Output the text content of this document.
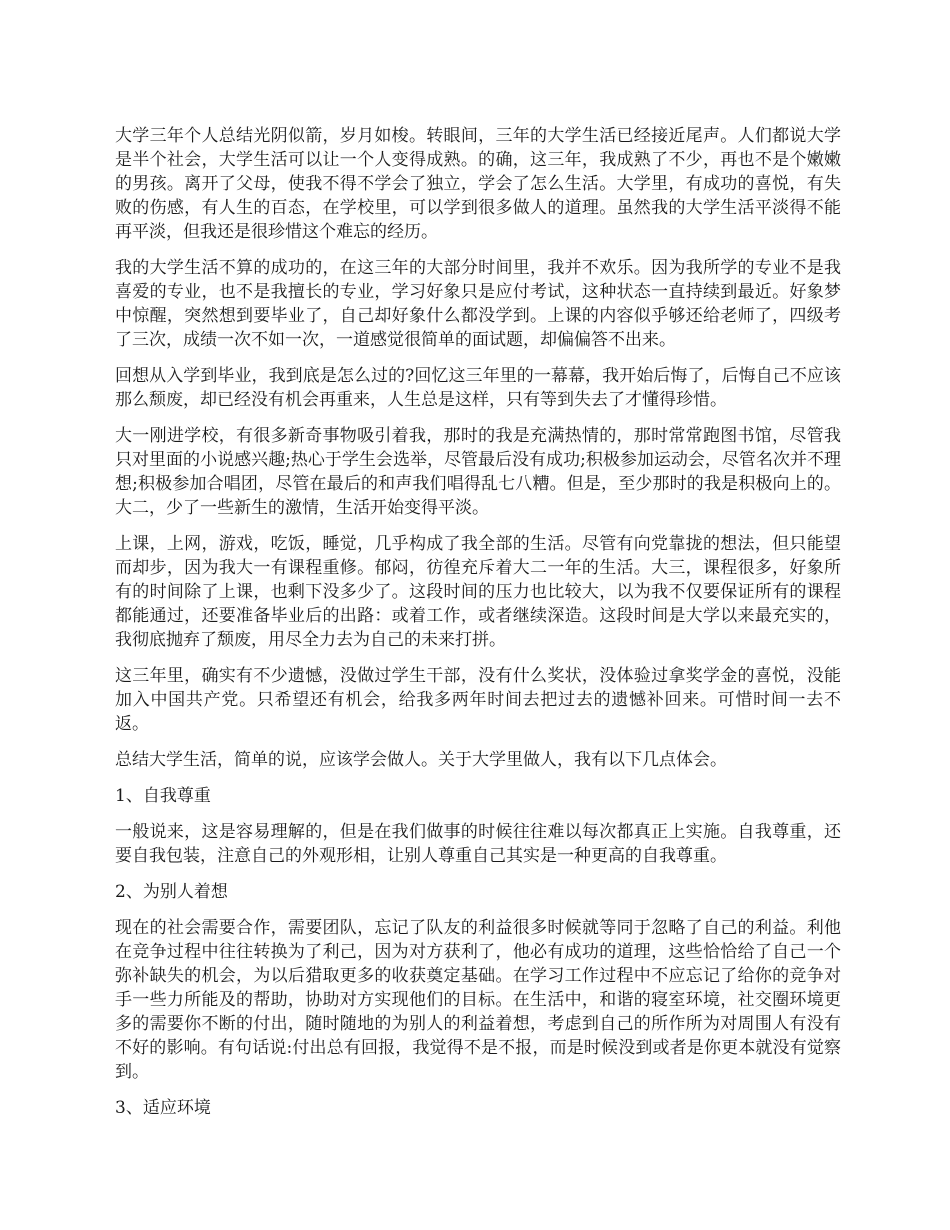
大学三年个人总结光阴似箭，岁月如梭。转眼间，三年的大学生活已经接近尾声。人们都说大学是半个社会，大学生活可以让一个人变得成熟。的确，这三年，我成熟了不少，再也不是个嫩嫩的男孩。离开了父母，使我不得不学会了独立，学会了怎么生活。大学里，有成功的喜悦，有失败的伤感，有人生的百态，在学校里，可以学到很多做人的道理。虽然我的大学生活平淡得不能再平淡，但我还是很珍惜这个难忘的经历。

我的大学生活不算的成功的，在这三年的大部分时间里，我并不欢乐。因为我所学的专业不是我喜爱的专业，也不是我擅长的专业，学习好象只是应付考试，这种状态一直持续到最近。好象梦中惊醒，突然想到要毕业了，自己却好象什么都没学到。上课的内容似乎够还给老师了，四级考了三次，成绩一次不如一次，一道感觉很简单的面试题，却偏偏答不出来。

回想从入学到毕业，我到底是怎么过的?回忆这三年里的一幕幕，我开始后悔了，后悔自己不应该那么颓废，却已经没有机会再重来，人生总是这样，只有等到失去了才懂得珍惜。

大一刚进学校，有很多新奇事物吸引着我，那时的我是充满热情的，那时常常跑图书馆，尽管我只对里面的小说感兴趣;热心于学生会选举，尽管最后没有成功;积极参加运动会，尽管名次并不理想;积极参加合唱团，尽管在最后的和声我们唱得乱七八糟。但是，至少那时的我是积极向上的。大二，少了一些新生的激情，生活开始变得平淡。

上课，上网，游戏，吃饭，睡觉，几乎构成了我全部的生活。尽管有向党靠拢的想法，但只能望而却步，因为我大一有课程重修。郁闷，彷徨充斥着大二一年的生活。大三，课程很多，好象所有的时间除了上课，也剩下没多少了。这段时间的压力也比较大，以为我不仅要保证所有的课程都能通过，还要准备毕业后的出路：或着工作，或者继续深造。这段时间是大学以来最充实的，我彻底抛弃了颓废，用尽全力去为自己的未来打拼。

这三年里，确实有不少遗憾，没做过学生干部，没有什么奖状，没体验过拿奖学金的喜悦，没能加入中国共产党。只希望还有机会，给我多两年时间去把过去的遗憾补回来。可惜时间一去不返。

总结大学生活，简单的说，应该学会做人。关于大学里做人，我有以下几点体会。

1、自我尊重

一般说来，这是容易理解的，但是在我们做事的时候往往难以每次都真正上实施。自我尊重，还要自我包装，注意自己的外观形相，让别人尊重自己其实是一种更高的自我尊重。

2、为别人着想

现在的社会需要合作，需要团队，忘记了队友的利益很多时候就等同于忽略了自己的利益。利他在竞争过程中往往转换为了利己，因为对方获利了，他必有成功的道理，这些恰恰给了自己一个弥补缺失的机会，为以后猎取更多的收获奠定基础。在学习工作过程中不应忘记了给你的竞争对手一些力所能及的帮助，协助对方实现他们的目标。在生活中，和谐的寝室环境，社交圈环境更多的需要你不断的付出，随时随地的为别人的利益着想，考虑到自己的所作所为对周围人有没有不好的影响。有句话说:付出总有回报，我觉得不是不报，而是时候没到或者是你更本就没有觉察到。

3、适应环境
